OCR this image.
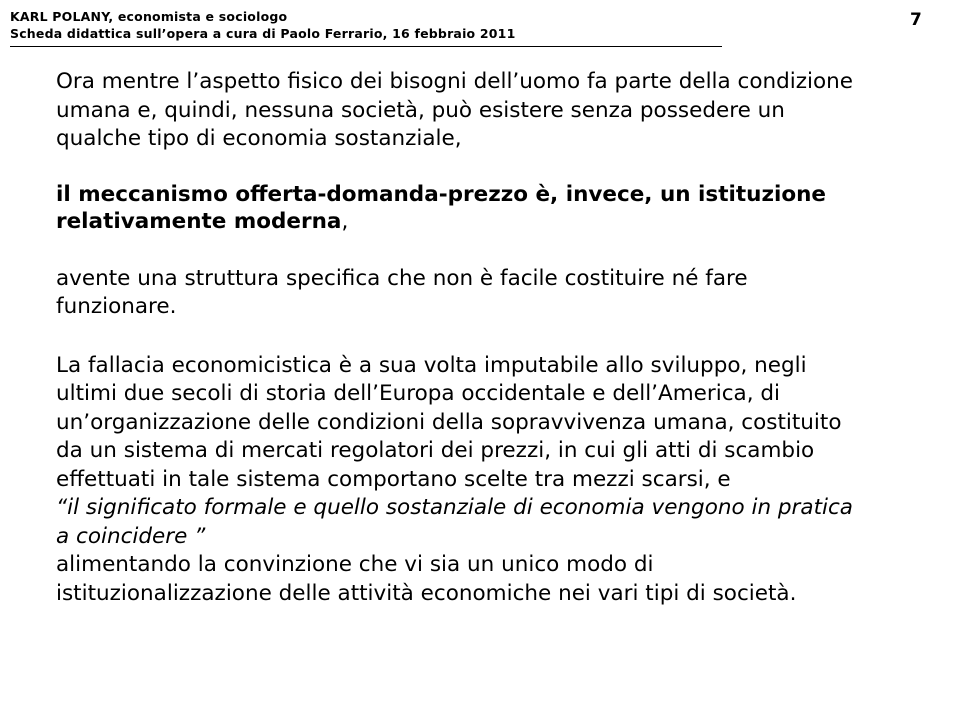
KARL POLANY, economista e sociologo
Scheda didattica sull’opera a cura di Paolo Ferrario, 16 febbraio 2011
7

Ora mentre l’aspetto fisico dei bisogni dell’uomo fa parte della condizione umana e, quindi, nessuna società, può esistere senza possedere un qualche tipo di economia sostanziale,

il meccanismo offerta-domanda-prezzo è, invece, un istituzione relativamente moderna,

avente una struttura specifica che non è facile costituire né fare funzionare.

La fallacia economicistica è a sua volta imputabile allo sviluppo, negli ultimi due secoli di storia dell’Europa occidentale e dell’America, di un’organizzazione delle condizioni della sopravvivenza umana, costituito da un sistema di mercati regolatori dei prezzi, in cui gli atti di scambio effettuati in tale sistema comportano scelte tra mezzi scarsi, e

“il significato formale e quello sostanziale di economia vengono in pratica a coincidere ”

alimentando la convinzione che vi sia un unico modo di istituzionalizzazione delle attività economiche nei vari tipi di società.
